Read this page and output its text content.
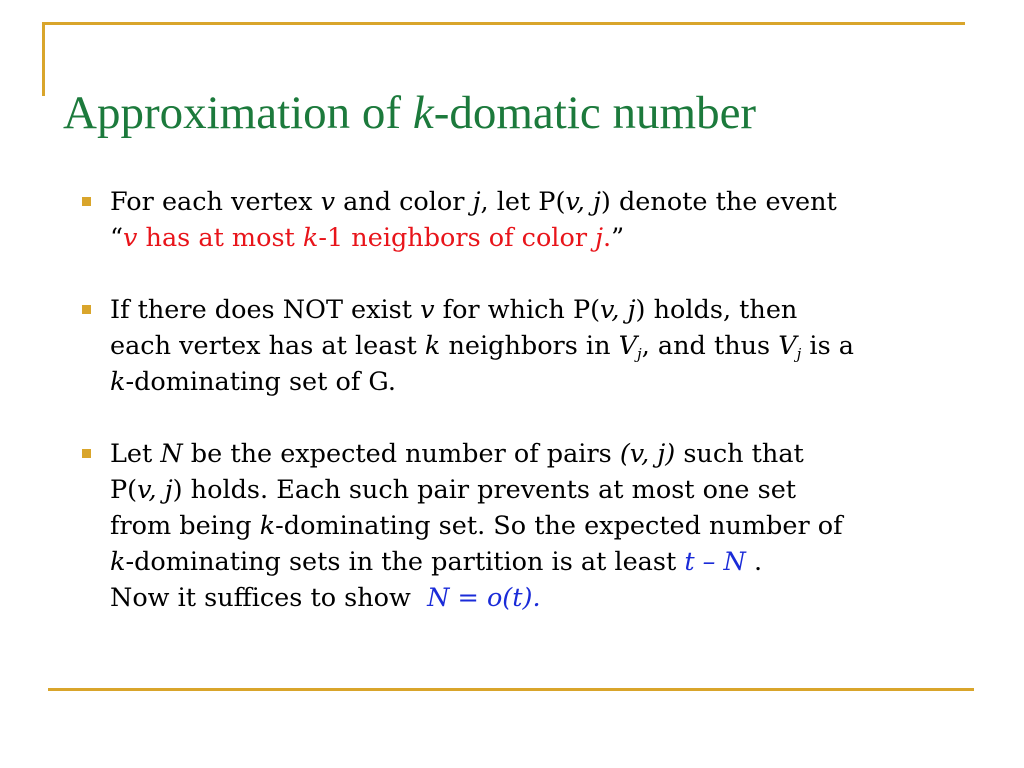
Approximation of k-domatic number
For each vertex v and color j, let P(v, j) denote the event
“v has at most k-1 neighbors of color j.”
If there does NOT exist v for which P(v, j) holds, then
each vertex has at least k neighbors in $V_j$, and thus $V_j$ is a
k-dominating set of G.
Let N be the expected number of pairs (v, j) such that
P(v, j) holds. Each such pair prevents at most one set
from being k-dominating set. So the expected number of
k-dominating sets in the partition is at least t – N .
Now it suffices to show  N = o(t).
